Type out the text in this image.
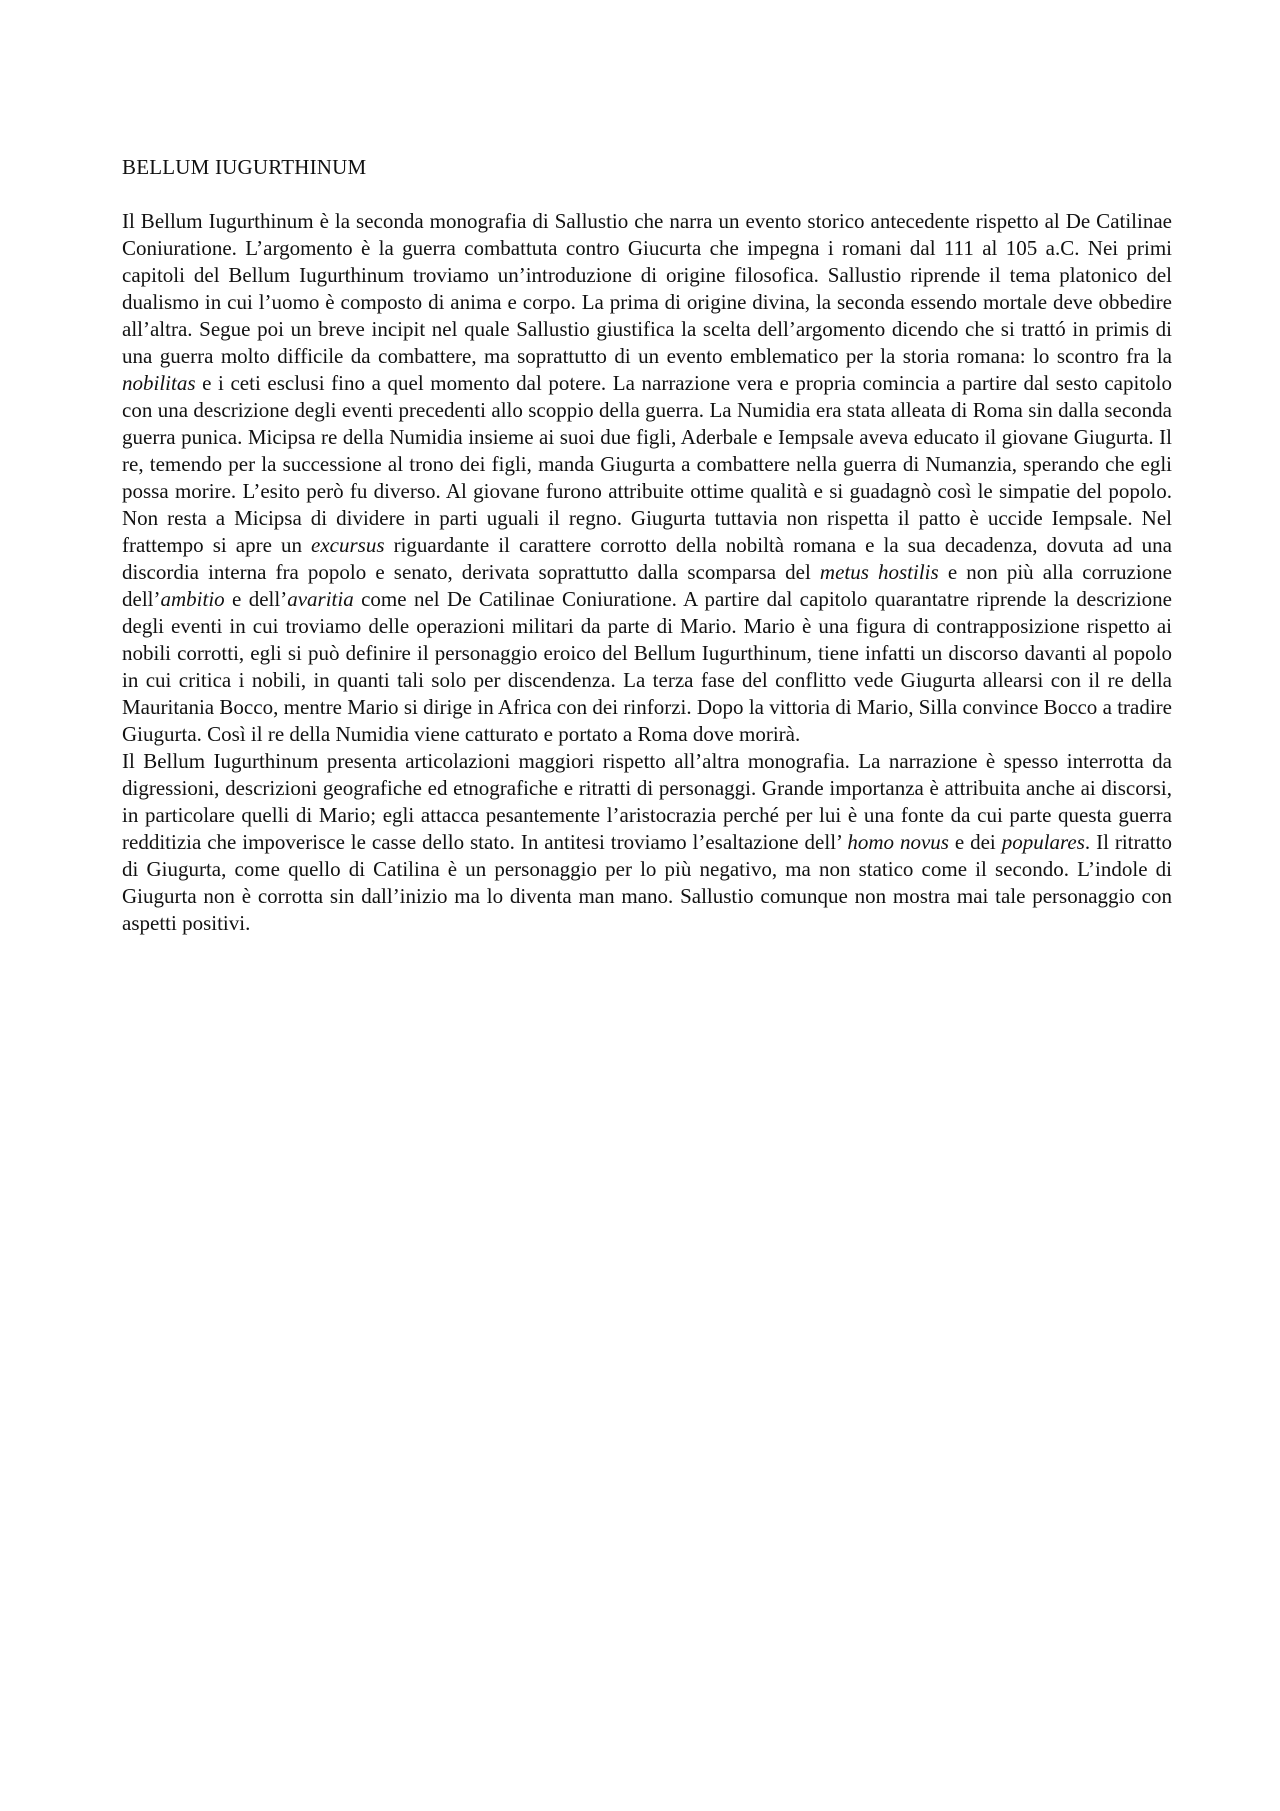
BELLUM IUGURTHINUM

Il Bellum Iugurthinum è la seconda monografia di Sallustio che narra un evento storico antecedente rispetto al De Catilinae Coniuratione. L’argomento è la guerra combattuta contro Giucurta che impegna i romani dal 111 al 105 a.C. Nei primi capitoli del Bellum Iugurthinum troviamo un’introduzione di origine filosofica. Sallustio riprende il tema platonico del dualismo in cui l’uomo è composto di anima e corpo. La prima di origine divina, la seconda essendo mortale deve obbedire all’altra. Segue poi un breve incipit nel quale Sallustio giustifica la scelta dell’argomento dicendo che si trattó in primis di una guerra molto difficile da combattere, ma soprattutto di un evento emblematico per la storia romana: lo scontro fra la nobilitas e i ceti esclusi fino a quel momento dal potere. La narrazione vera e propria comincia a partire dal sesto capitolo con una descrizione degli eventi precedenti allo scoppio della guerra. La Numidia era stata alleata di Roma sin dalla seconda guerra punica. Micipsa re della Numidia insieme ai suoi due figli, Aderbale e Iempsale aveva educato il giovane Giugurta. Il re, temendo per la successione al trono dei figli, manda Giugurta a combattere nella guerra di Numanzia, sperando che egli possa morire. L’esito però fu diverso. Al giovane furono attribuite ottime qualità e si guadagnò così le simpatie del popolo. Non resta a Micipsa di dividere in parti uguali il regno. Giugurta tuttavia non rispetta il patto è uccide Iempsale. Nel frattempo si apre un excursus riguardante il carattere corrotto della nobiltà romana e la sua decadenza, dovuta ad una discordia interna fra popolo e senato, derivata soprattutto dalla scomparsa del metus hostilis e non più alla corruzione dell’ambitio e dell’avaritia come nel De Catilinae Coniuratione. A partire dal capitolo quarantatre riprende la descrizione degli eventi in cui troviamo delle operazioni militari da parte di Mario. Mario è una figura di contrapposizione rispetto ai nobili corrotti, egli si può definire il personaggio eroico del Bellum Iugurthinum, tiene infatti un discorso davanti al popolo in cui critica i nobili, in quanti tali solo per discendenza. La terza fase del conflitto vede Giugurta allearsi con il re della Mauritania Bocco, mentre Mario si dirige in Africa con dei rinforzi. Dopo la vittoria di Mario, Silla convince Bocco a tradire Giugurta. Così il re della Numidia viene catturato e portato a Roma dove morirà.

Il Bellum Iugurthinum presenta articolazioni maggiori rispetto all’altra monografia. La narrazione è spesso interrotta da digressioni, descrizioni geografiche ed etnografiche e ritratti di personaggi. Grande importanza è attribuita anche ai discorsi, in particolare quelli di Mario; egli attacca pesantemente l’aristocrazia perché per lui è una fonte da cui parte questa guerra redditizia che impoverisce le casse dello stato. In antitesi troviamo l’esaltazione dell’ homo novus e dei populares. Il ritratto di Giugurta, come quello di Catilina è un personaggio per lo più negativo, ma non statico come il secondo. L’indole di Giugurta non è corrotta sin dall’inizio ma lo diventa man mano. Sallustio comunque non mostra mai tale personaggio con aspetti positivi.
